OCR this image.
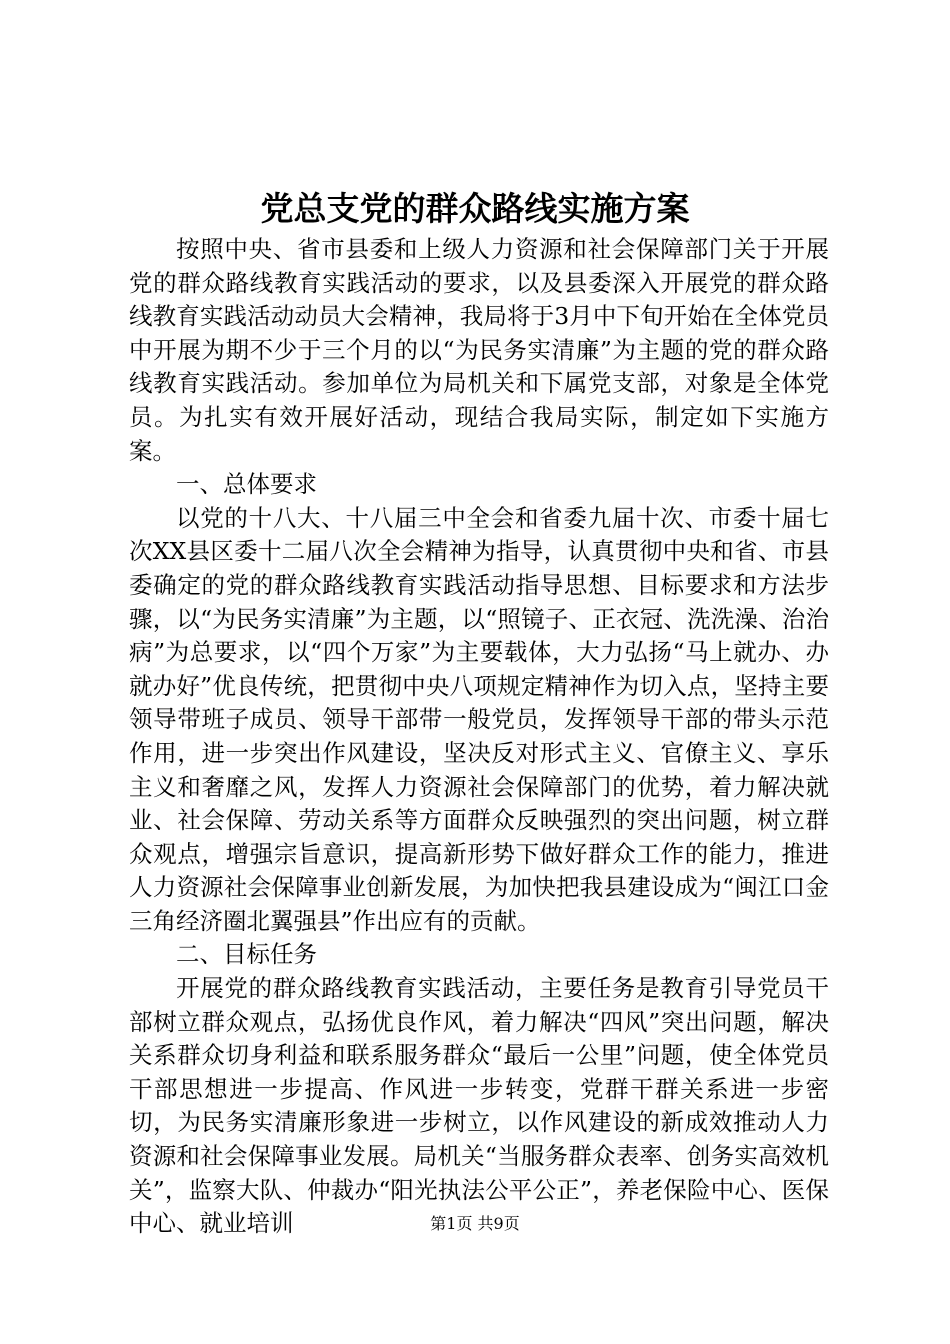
党总支党的群众路线实施方案

按照中央、省市县委和上级人力资源和社会保障部门关于开展党的群众路线教育实践活动的要求，以及县委深入开展党的群众路线教育实践活动动员大会精神，我局将于3月中下旬开始在全体党员中开展为期不少于三个月的以“为民务实清廉”为主题的党的群众路线教育实践活动。参加单位为局机关和下属党支部，对象是全体党员。为扎实有效开展好活动，现结合我局实际，制定如下实施方案。

一、总体要求

以党的十八大、十八届三中全会和省委九届十次、市委十届七次XX县区委十二届八次全会精神为指导，认真贯彻中央和省、市县委确定的党的群众路线教育实践活动指导思想、目标要求和方法步骤，以“为民务实清廉”为主题，以“照镜子、正衣冠、洗洗澡、治治病”为总要求，以“四个万家”为主要载体，大力弘扬“马上就办、办就办好”优良传统，把贯彻中央八项规定精神作为切入点，坚持主要领导带班子成员、领导干部带一般党员，发挥领导干部的带头示范作用，进一步突出作风建设，坚决反对形式主义、官僚主义、享乐主义和奢靡之风，发挥人力资源社会保障部门的优势，着力解决就业、社会保障、劳动关系等方面群众反映强烈的突出问题，树立群众观点，增强宗旨意识，提高新形势下做好群众工作的能力，推进人力资源社会保障事业创新发展，为加快把我县建设成为“闽江口金三角经济圈北翼强县”作出应有的贡献。

二、目标任务

开展党的群众路线教育实践活动，主要任务是教育引导党员干部树立群众观点，弘扬优良作风，着力解决“四风”突出问题，解决关系群众切身利益和联系服务群众“最后一公里”问题，使全体党员干部思想进一步提高、作风进一步转变，党群干群关系进一步密切，为民务实清廉形象进一步树立，以作风建设的新成效推动人力资源和社会保障事业发展。局机关“当服务群众表率、创务实高效机关”，监察大队、仲裁办“阳光执法公平公正”，养老保险中心、医保中心、就业培训	第1页 共9页
